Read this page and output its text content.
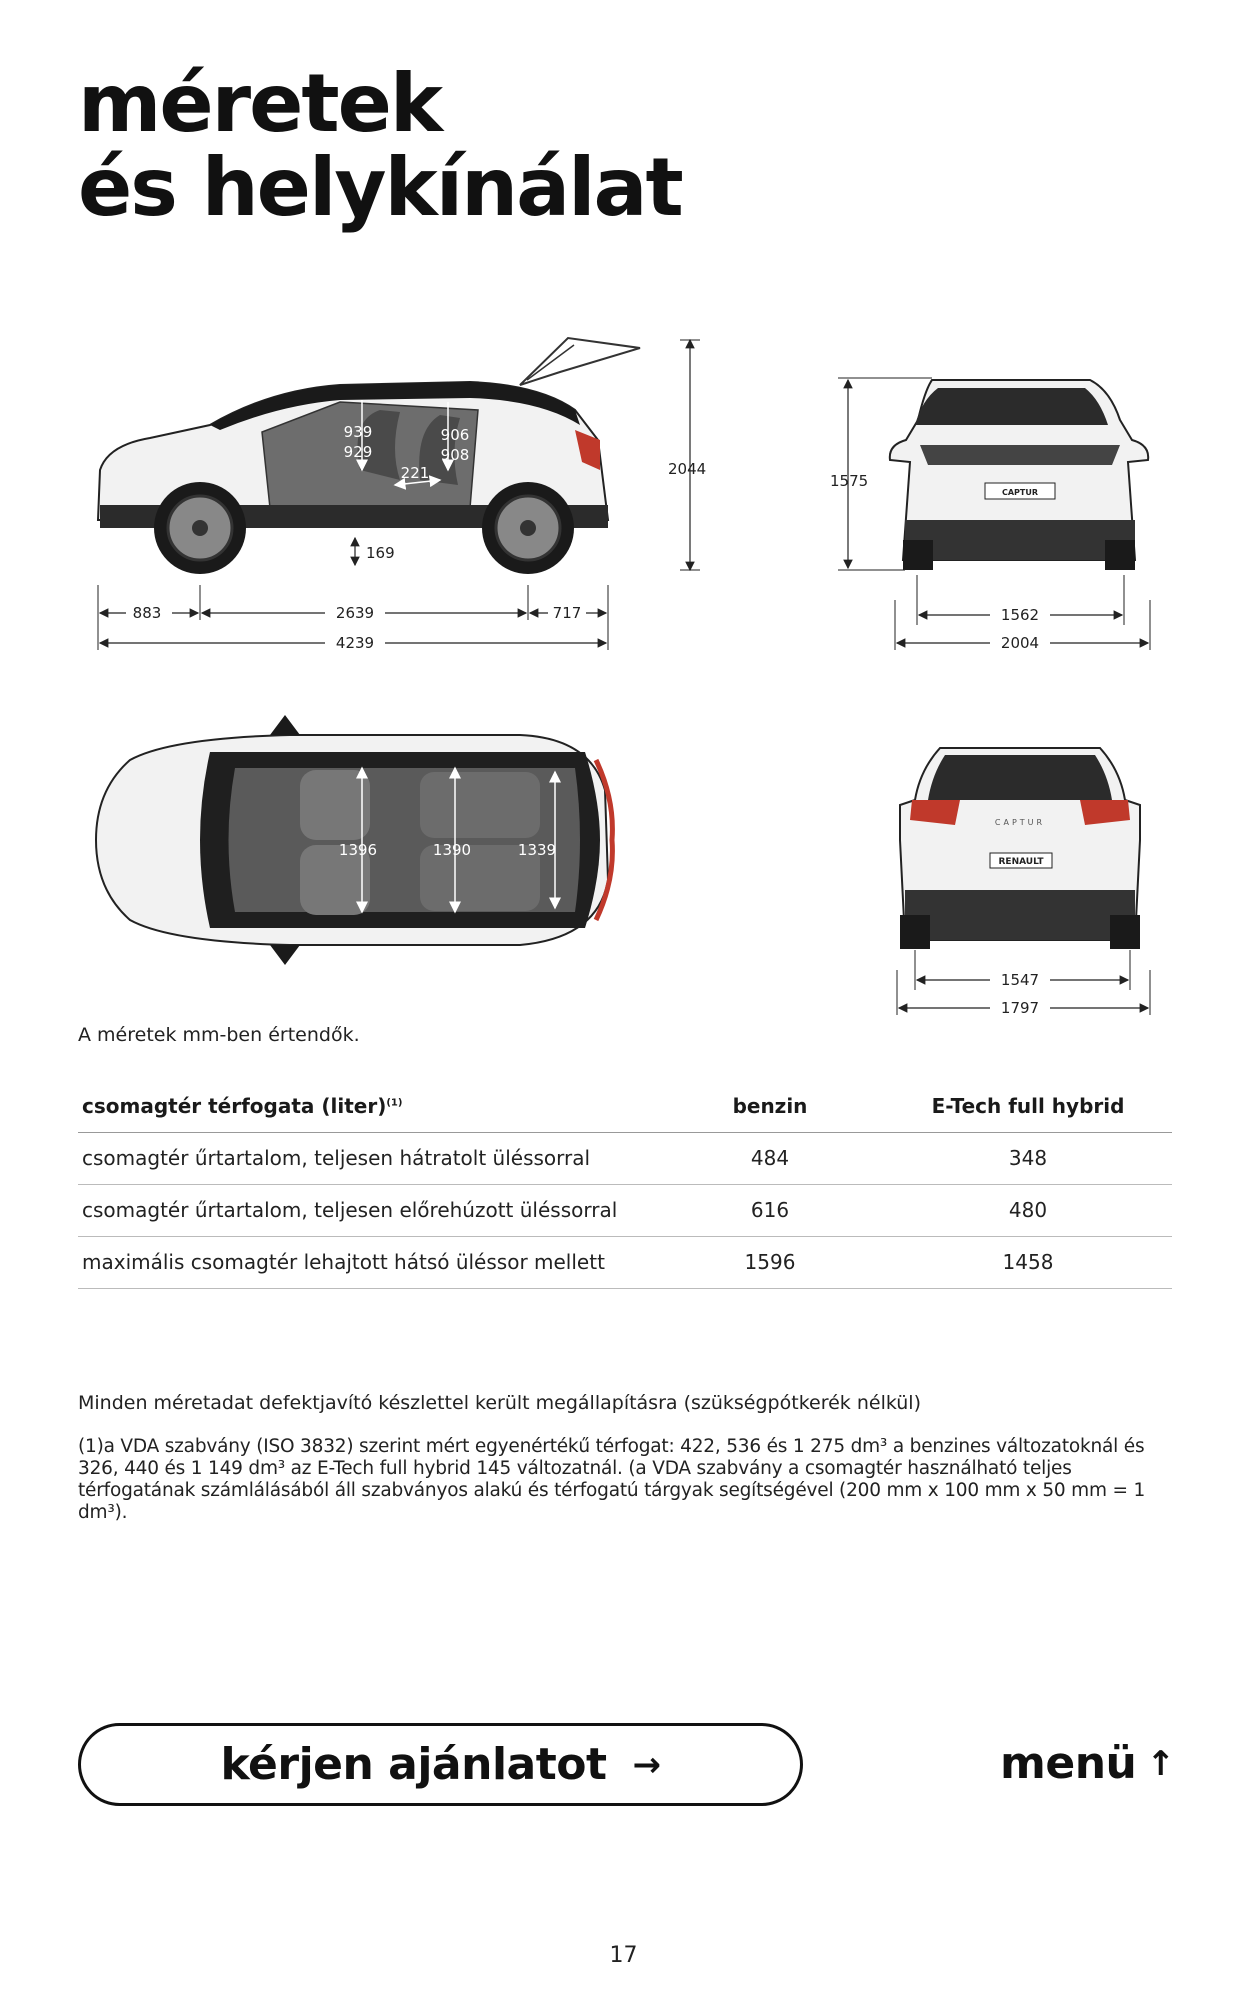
méretek
és helykínálat
939
929
906
908
221
169
2044
883	2639	717
4239
CAPTUR
1575
1562
2004
1396	1390	1339
CAPTUR
RENAULT
1547
1797
A méretek mm-ben értendők.
csomagtér térfogata (liter)$^{(1)}$	benzin	E-Tech full hybrid
csomagtér űrtartalom, teljesen hátratolt üléssorral	484	348
csomagtér űrtartalom, teljesen előrehúzott üléssorral	616	480
maximális csomagtér lehajtott hátsó üléssor mellett	1596	1458
Minden méretadat defektjavító készlettel került megállapításra (szükségpótkerék nélkül)
(1)a VDA szabvány (ISO 3832) szerint mért egyenértékű térfogat: 422, 536 és 1 275 dm³ a benzines változatoknál és 326, 440 és 1 149 dm³ az E-Tech full hybrid 145 változatnál. (a VDA szabvány a csomagtér használható teljes térfogatának számlálásából áll szabványos alakú és térfogatú tárgyak segítségével (200 mm x 100 mm x 50 mm = 1 dm³).
kérjen ajánlatot →	menü ↑
17
